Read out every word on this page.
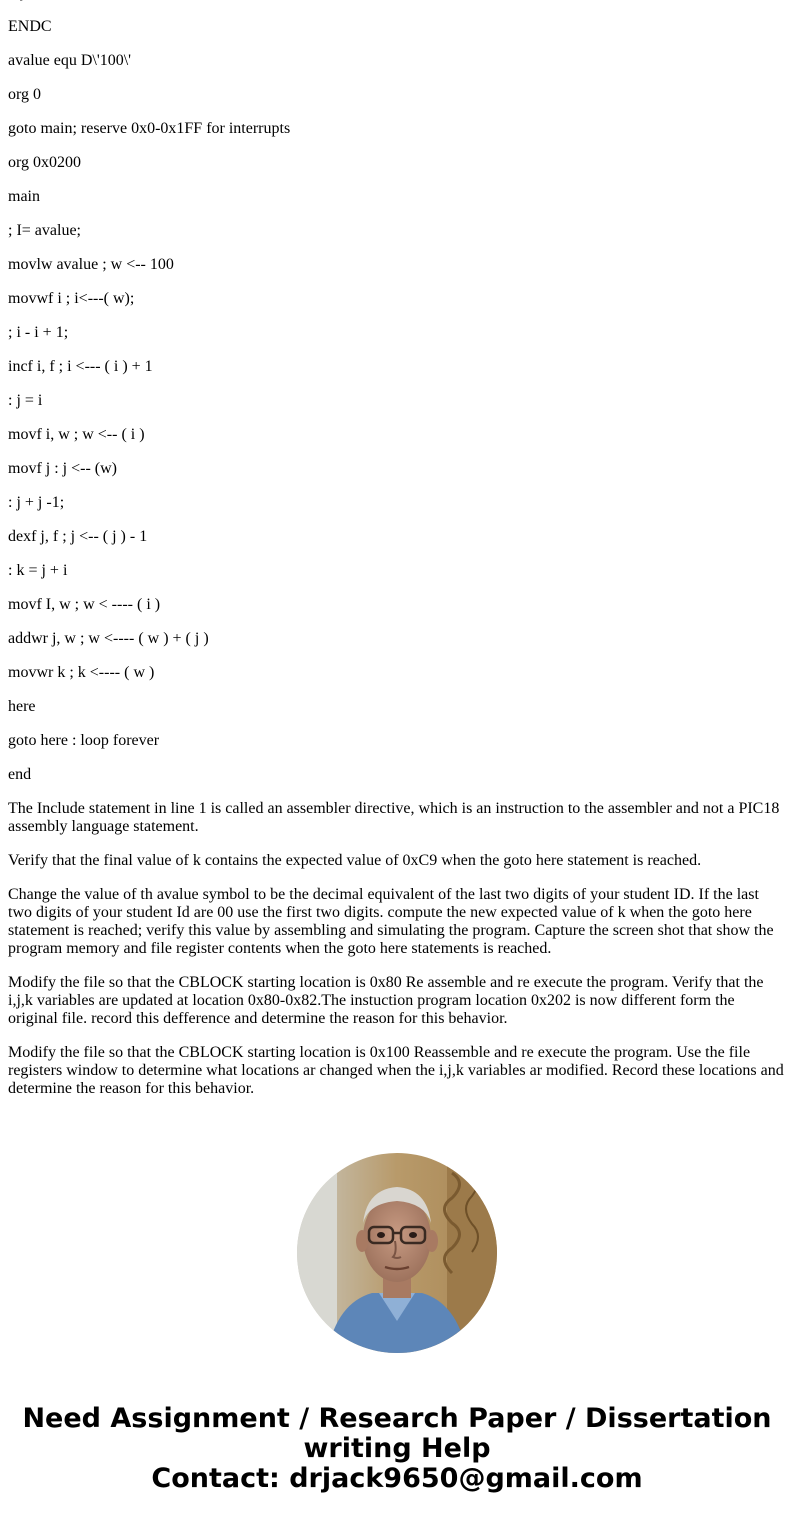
ENDC

avalue equ D\'100\'

org 0

goto main; reserve 0x0-0x1FF for interrupts

org 0x0200

main

; I= avalue;

movlw avalue ; w <-- 100

movwf i ; i<---( w);

; i - i + 1;

incf i, f ; i <--- ( i ) + 1

: j = i

movf i, w ; w <-- ( i )

movf j : j <-- (w)

: j + j -1;

dexf j, f ; j <-- ( j ) - 1

: k = j + i

movf I, w ; w < ---- ( i )

addwr j, w ; w <---- ( w ) + ( j )

movwr k ; k <---- ( w )

here

goto here : loop forever

end

The Include statement in line 1 is called an assembler directive, which is an instruction to the assembler and not a PIC18 assembly language statement.

Verify that the final value of k contains the expected value of 0xC9 when the goto here statement is reached.

Change the value of th avalue symbol to be the decimal equivalent of the last two digits of your student ID. If the last two digits of your student Id are 00 use the first two digits. compute the new expected value of k when the goto here statement is reached; verify this value by assembling and simulating the program. Capture the screen shot that show the program memory and file register contents when the goto here statements is reached.

Modify the file so that the CBLOCK starting location is 0x80 Re assemble and re execute the program. Verify that the i,j,k variables are updated at location 0x80-0x82.The instuction program location 0x202 is now different form the original file. record this defference and determine the reason for this behavior.

Modify the file so that the CBLOCK starting location is 0x100 Reassemble and re execute the program. Use the file registers window to determine what locations ar changed when the i,j,k variables ar modified. Record these locations and determine the reason for this behavior.

Need Assignment / Research Paper / Dissertation
writing Help
Contact: drjack9650@gmail.com
